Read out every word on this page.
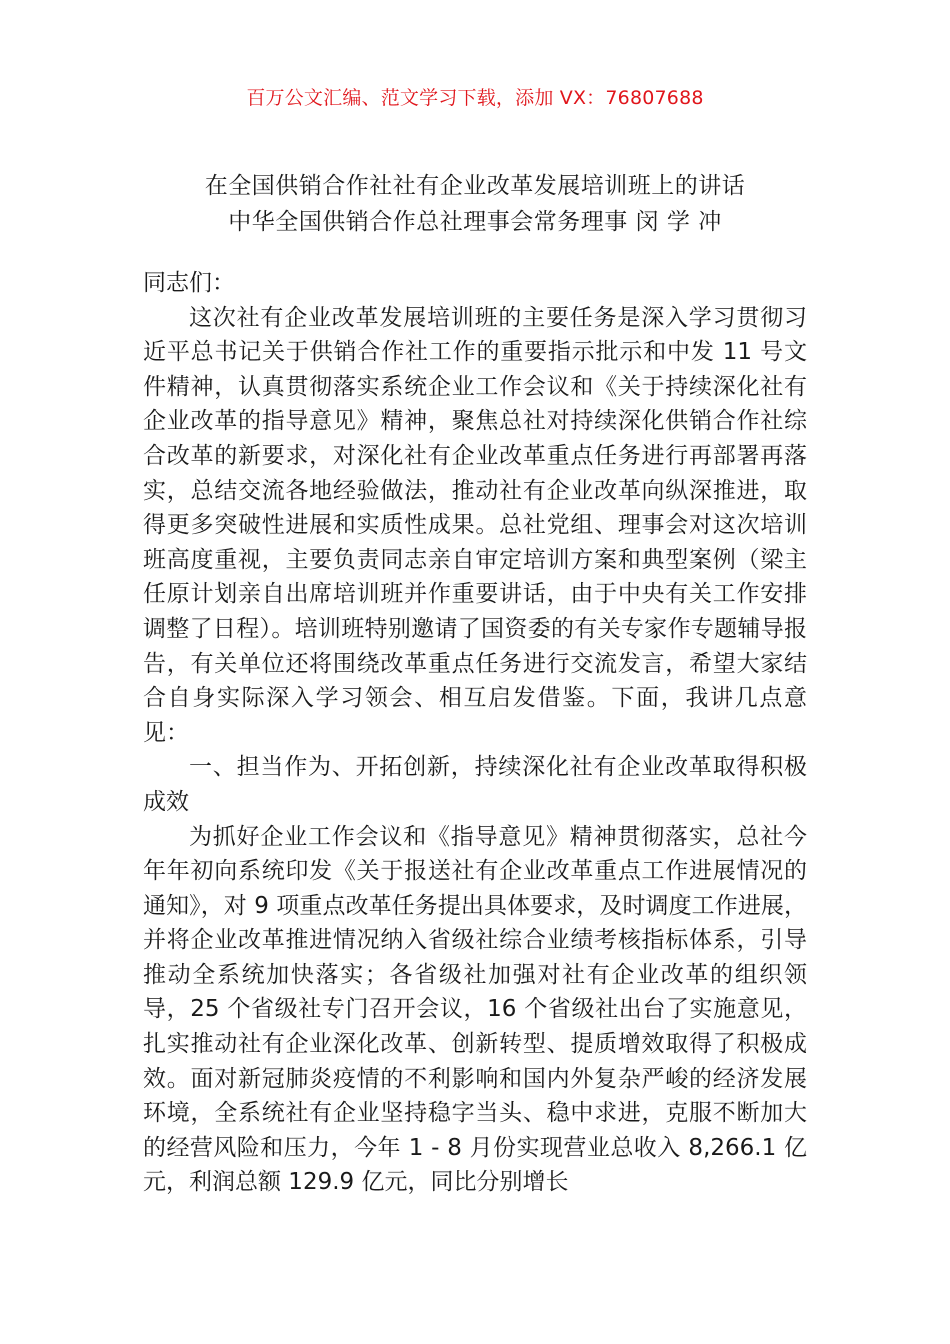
百万公文汇编、范文学习下载，添加 VX：76807688
在全国供销合作社社有企业改革发展培训班上的讲话
中华全国供销合作总社理事会常务理事 闵 学 冲

同志们：

这次社有企业改革发展培训班的主要任务是深入学习贯彻习近平总书记关于供销合作社工作的重要指示批示和中发 11 号文件精神，认真贯彻落实系统企业工作会议和《关于持续深化社有企业改革的指导意见》精神，聚焦总社对持续深化供销合作社综合改革的新要求，对深化社有企业改革重点任务进行再部署再落实，总结交流各地经验做法，推动社有企业改革向纵深推进，取得更多突破性进展和实质性成果。总社党组、理事会对这次培训班高度重视，主要负责同志亲自审定培训方案和典型案例（梁主任原计划亲自出席培训班并作重要讲话，由于中央有关工作安排调整了日程）。培训班特别邀请了国资委的有关专家作专题辅导报告，有关单位还将围绕改革重点任务进行交流发言，希望大家结合自身实际深入学习领会、相互启发借鉴。下面，我讲几点意见：

一、担当作为、开拓创新，持续深化社有企业改革取得积极成效

为抓好企业工作会议和《指导意见》精神贯彻落实，总社今年年初向系统印发《关于报送社有企业改革重点工作进展情况的通知》，对 9 项重点改革任务提出具体要求，及时调度工作进展，并将企业改革推进情况纳入省级社综合业绩考核指标体系，引导推动全系统加快落实；各省级社加强对社有企业改革的组织领导，25 个省级社专门召开会议，16 个省级社出台了实施意见，扎实推动社有企业深化改革、创新转型、提质增效取得了积极成效。面对新冠肺炎疫情的不利影响和国内外复杂严峻的经济发展环境，全系统社有企业坚持稳字当头、稳中求进，克服不断加大的经营风险和压力，今年 1 - 8 月份实现营业总收入 8,266.1 亿元，利润总额 129.9 亿元，同比分别增长
